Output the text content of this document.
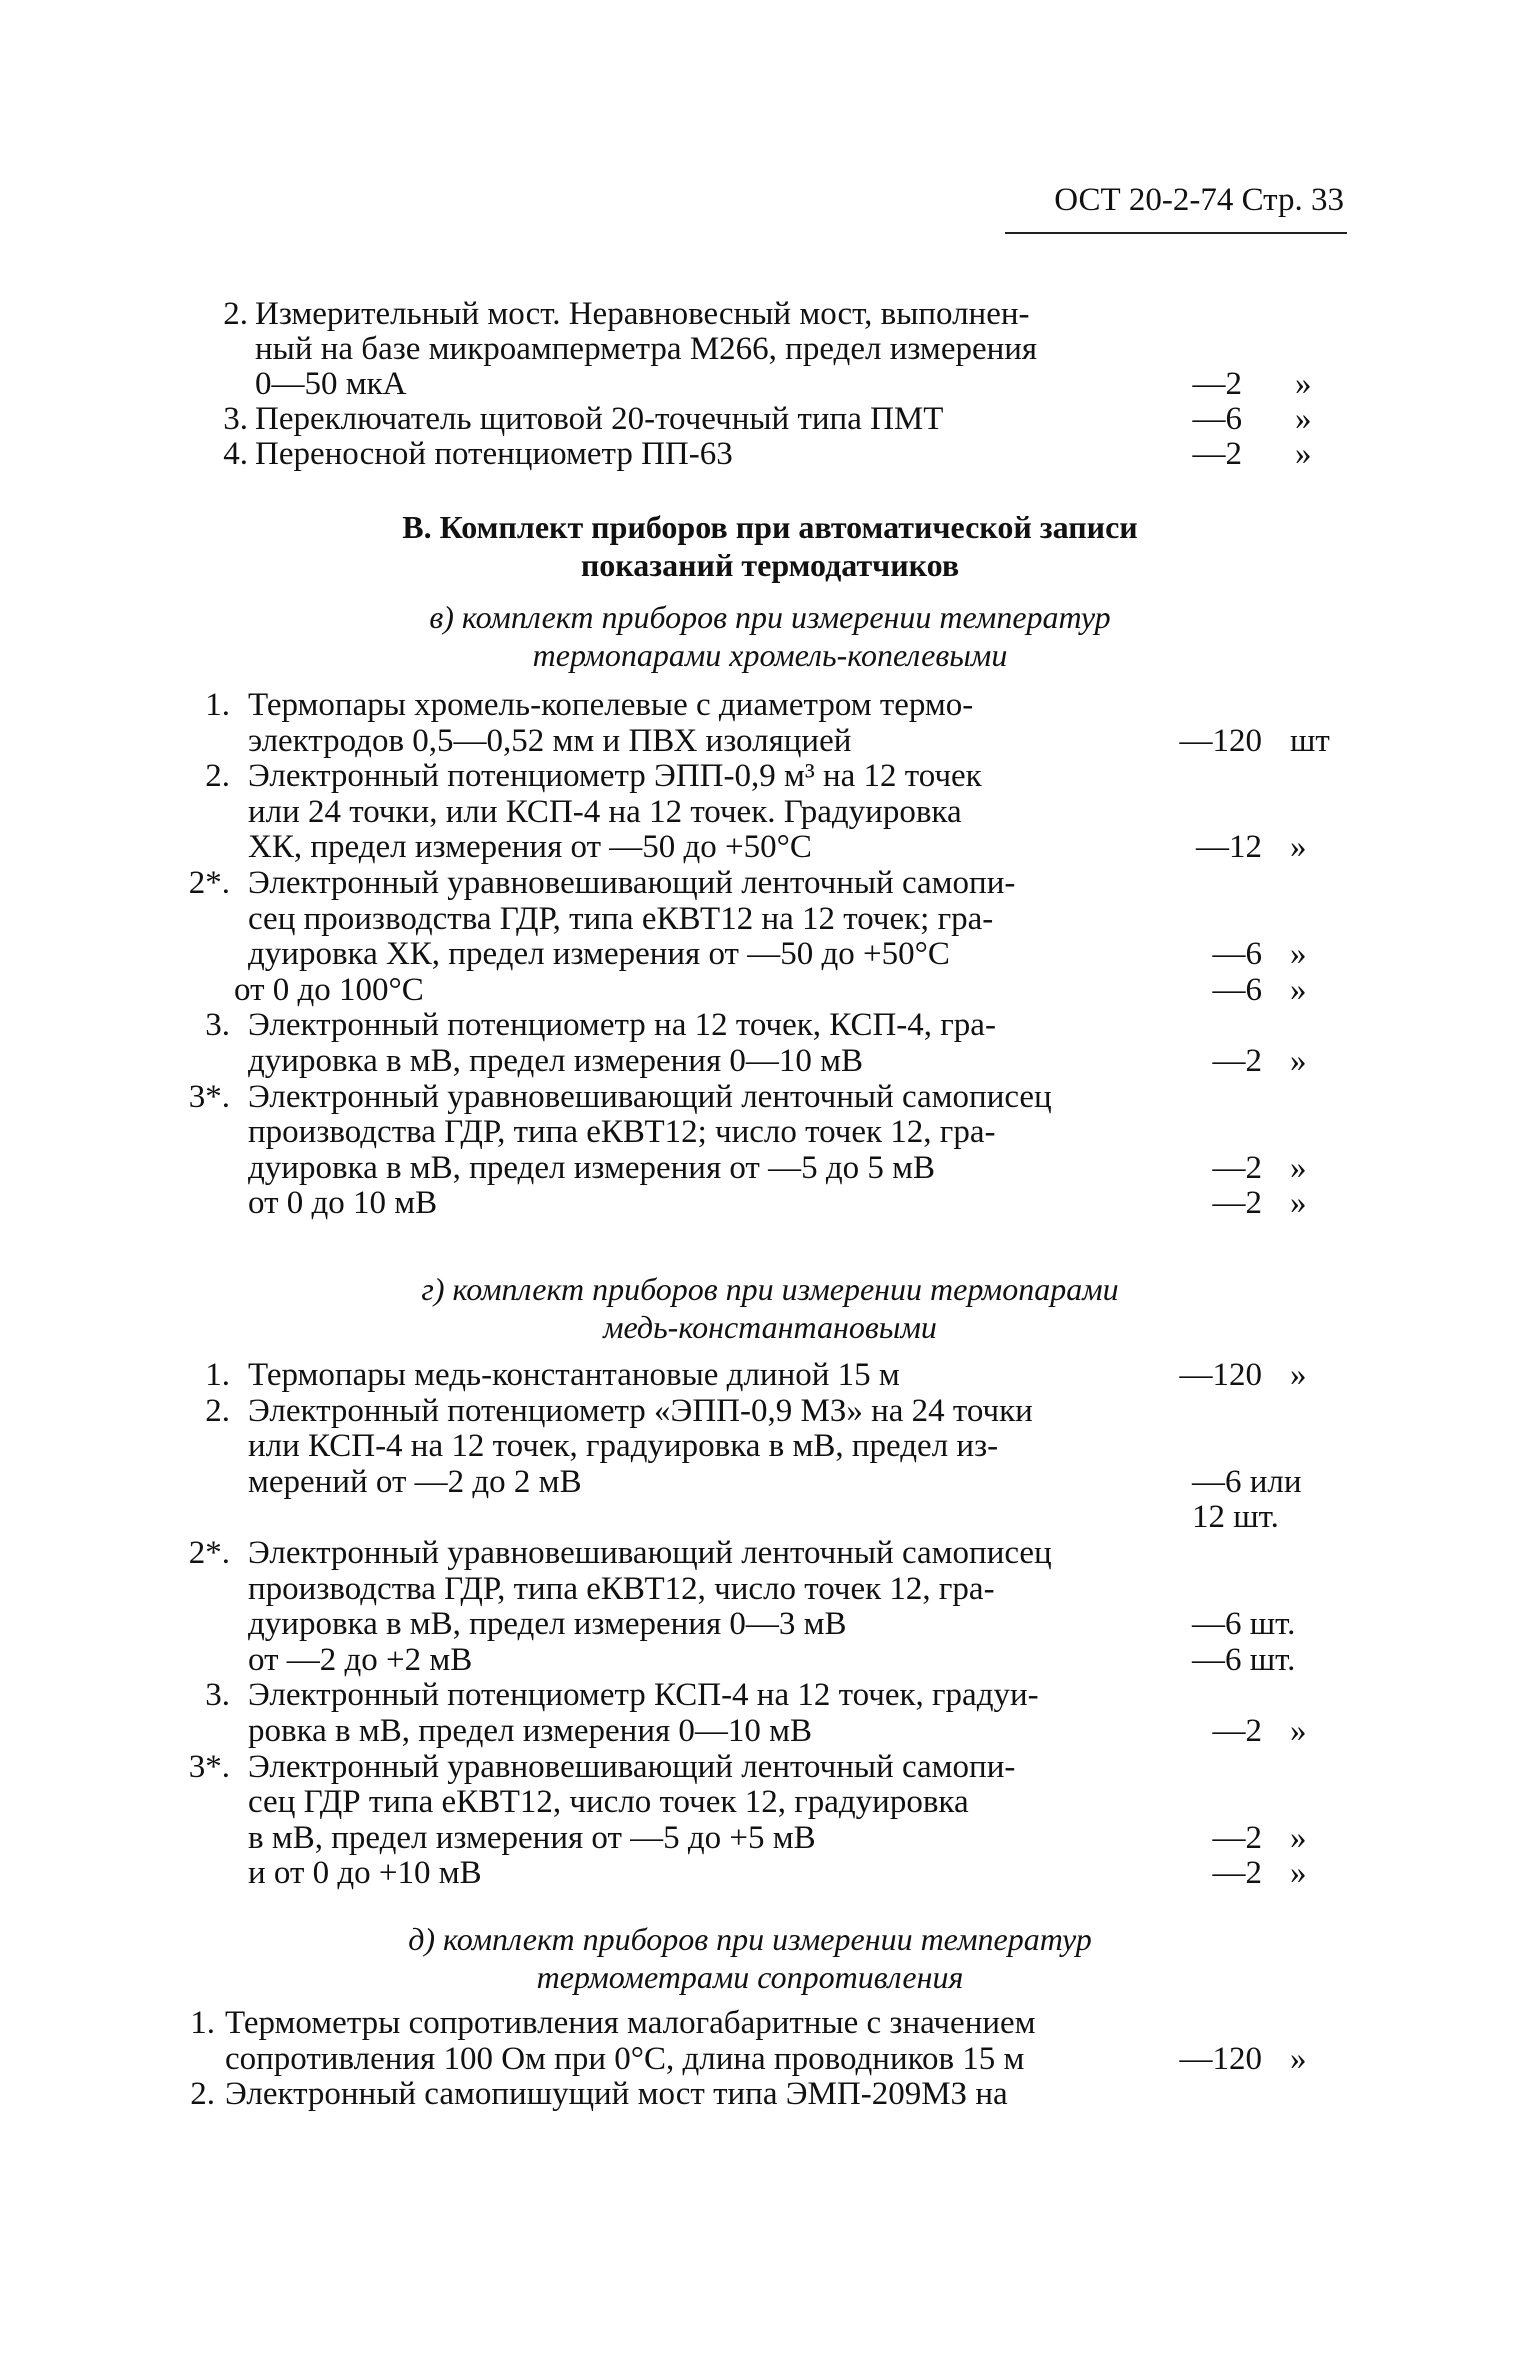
ОСТ 20-2-74 Стр. 33
2. Измерительный мост. Неравновесный мост, выполнен-
ный на базе микроамперметра М266, предел измерения
0—50 мкА	—2 »
3. Переключатель щитовой 20-точечный типа ПМТ	—6 »
4. Переносной потенциометр ПП-63	—2 »
В. Комплект приборов при автоматической записи
показаний термодатчиков
в) комплект приборов при измерении температур
термопарами хромель-копелевыми
1. Термопары хромель-копелевые с диаметром термо-
электродов 0,5—0,52 мм и ПВХ изоляцией	—120 шт
2. Электронный потенциометр ЭПП-0,9 м³ на 12 точек
или 24 точки, или КСП-4 на 12 точек. Градуировка
ХК, предел измерения от —50 до +50°С	—12 »
2*. Электронный уравновешивающий ленточный самопи-
сец производства ГДР, типа еКВТ12 на 12 точек; гра-
дуировка ХК, предел измерения от —50 до +50°С	—6 »
от 0 до 100°С	—6 »
3. Электронный потенциометр на 12 точек, КСП-4, гра-
дуировка в мВ, предел измерения 0—10 мВ	—2 »
3*. Электронный уравновешивающий ленточный самописец
производства ГДР, типа еКВТ12; число точек 12, гра-
дуировка в мВ, предел измерения от —5 до 5 мВ	—2 »
от 0 до 10 мВ	—2 »
г) комплект приборов при измерении термопарами
медь-константановыми
1. Термопары медь-константановые длиной 15 м	—120 »
2. Электронный потенциометр «ЭПП-0,9 МЗ» на 24 точки
или КСП-4 на 12 точек, градуировка в мВ, предел из-
мерений от —2 до 2 мВ	—6 или
12 шт.
2*. Электронный уравновешивающий ленточный самописец
производства ГДР, типа еКВТ12, число точек 12, гра-
дуировка в мВ, предел измерения 0—3 мВ	—6 шт.
от —2 до +2 мВ	—6 шт.
3. Электронный потенциометр КСП-4 на 12 точек, градуи-
ровка в мВ, предел измерения 0—10 мВ	—2 »
3*. Электронный уравновешивающий ленточный самопи-
сец ГДР типа еКВТ12, число точек 12, градуировка
в мВ, предел измерения от —5 до +5 мВ	—2 »
и от 0 до +10 мВ	—2 »
д) комплект приборов при измерении температур
термометрами сопротивления
1. Термометры сопротивления малогабаритные с значением
сопротивления 100 Ом при 0°С, длина проводников 15 м	—120 »
2. Электронный самопишущий мост типа ЭМП-209МЗ на
